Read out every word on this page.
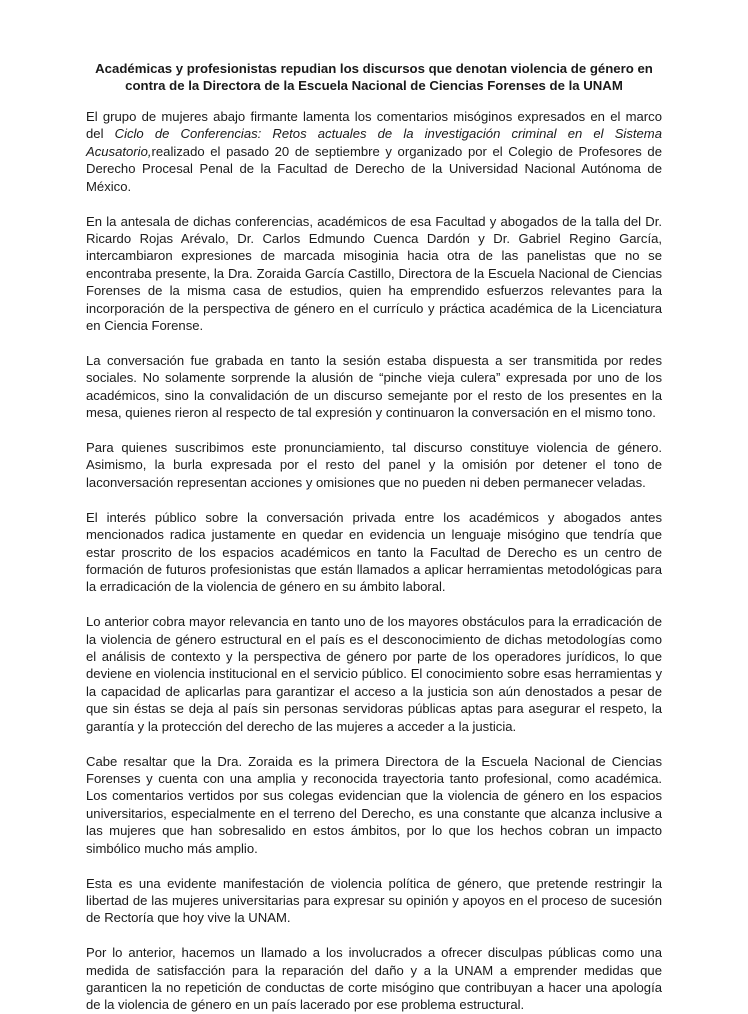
Académicas y profesionistas repudian los discursos que denotan violencia de género en
contra de la Directora de la Escuela Nacional de Ciencias Forenses de la UNAM

El grupo de mujeres abajo firmante lamenta los comentarios misóginos expresados en el marco del Ciclo de Conferencias: Retos actuales de la investigación criminal en el Sistema Acusatorio,realizado el pasado 20 de septiembre y organizado por el Colegio de Profesores de Derecho Procesal Penal de la Facultad de Derecho de la Universidad Nacional Autónoma de México.

En la antesala de dichas conferencias, académicos de esa Facultad y abogados de la talla del Dr. Ricardo Rojas Arévalo, Dr. Carlos Edmundo Cuenca Dardón y Dr. Gabriel Regino García, intercambiaron expresiones de marcada misoginia hacia otra de las panelistas que no se encontraba presente, la Dra. Zoraida García Castillo, Directora de la Escuela Nacional de Ciencias Forenses de la misma casa de estudios, quien ha emprendido esfuerzos relevantes para la incorporación de la perspectiva de género en el currículo y práctica académica de la Licenciatura en Ciencia Forense.

La conversación fue grabada en tanto la sesión estaba dispuesta a ser transmitida por redes sociales. No solamente sorprende la alusión de “pinche vieja culera” expresada por uno de los académicos, sino la convalidación de un discurso semejante por el resto de los presentes en la mesa, quienes rieron al respecto de tal expresión y continuaron la conversación en el mismo tono.

Para quienes suscribimos este pronunciamiento, tal discurso constituye violencia de género. Asimismo, la burla expresada por el resto del panel y la omisión por detener el tono de laconversación representan acciones y omisiones que no pueden ni deben permanecer veladas.

El interés público sobre la conversación privada entre los académicos y abogados antes mencionados radica justamente en quedar en evidencia un lenguaje misógino que tendría que estar proscrito de los espacios académicos en tanto la Facultad de Derecho es un centro de formación de futuros profesionistas que están llamados a aplicar herramientas metodológicas para la erradicación de la violencia de género en su ámbito laboral.

Lo anterior cobra mayor relevancia en tanto uno de los mayores obstáculos para la erradicación de la violencia de género estructural en el país es el desconocimiento de dichas metodologías como el análisis de contexto y la perspectiva de género por parte de los operadores jurídicos, lo que deviene en violencia institucional en el servicio público. El conocimiento sobre esas herramientas y la capacidad de aplicarlas para garantizar el acceso a la justicia son aún denostados a pesar de que sin éstas se deja al país sin personas servidoras públicas aptas para asegurar el respeto, la garantía y la protección del derecho de las mujeres a acceder a la justicia.

Cabe resaltar que la Dra. Zoraida es la primera Directora de la Escuela Nacional de Ciencias Forenses y cuenta con una amplia y reconocida trayectoria tanto profesional, como académica. Los comentarios vertidos por sus colegas evidencian que la violencia de género en los espacios universitarios, especialmente en el terreno del Derecho, es una constante que alcanza inclusive a las mujeres que han sobresalido en estos ámbitos, por lo que los hechos cobran un impacto simbólico mucho más amplio.

Esta es una evidente manifestación de violencia política de género, que pretende restringir la libertad de las mujeres universitarias para expresar su opinión y apoyos en el proceso de sucesión de Rectoría que hoy vive la UNAM.

Por lo anterior, hacemos un llamado a los involucrados a ofrecer disculpas públicas como una medida de satisfacción para la reparación del daño y a la UNAM a emprender medidas que garanticen la no repetición de conductas de corte misógino que contribuyan a hacer una apología de la violencia de género en un país lacerado por ese problema estructural.
